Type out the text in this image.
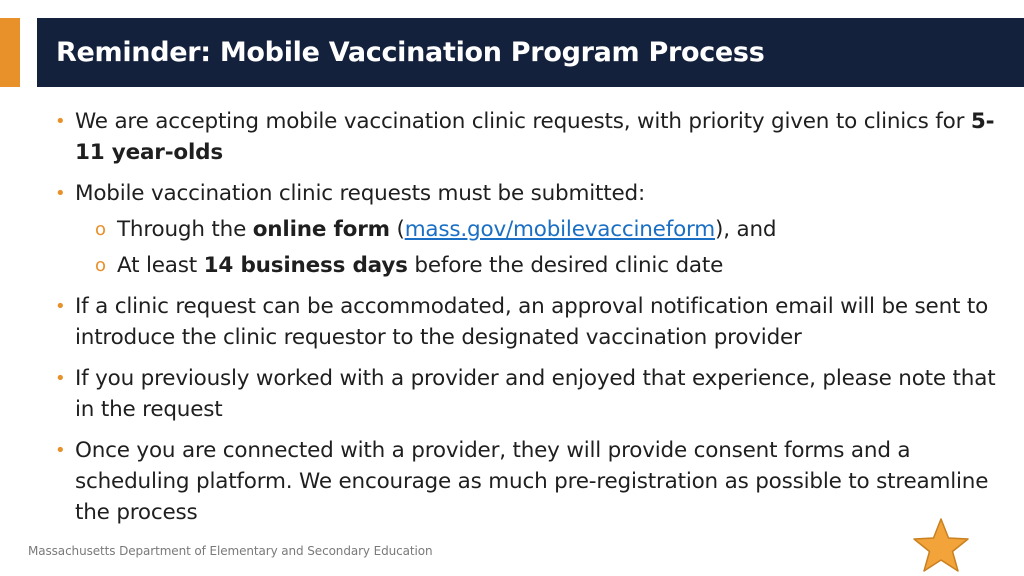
Reminder: Mobile Vaccination Program Process
• We are accepting mobile vaccination clinic requests, with priority given to clinics for 5-11 year-olds
• Mobile vaccination clinic requests must be submitted:
o Through the online form (mass.gov/mobilevaccineform), and
o At least 14 business days before the desired clinic date
• If a clinic request can be accommodated, an approval notification email will be sent to introduce the clinic requestor to the designated vaccination provider
• If you previously worked with a provider and enjoyed that experience, please note that in the request
• Once you are connected with a provider, they will provide consent forms and a scheduling platform. We encourage as much pre-registration as possible to streamline the process
Massachusetts Department of Elementary and Secondary Education
